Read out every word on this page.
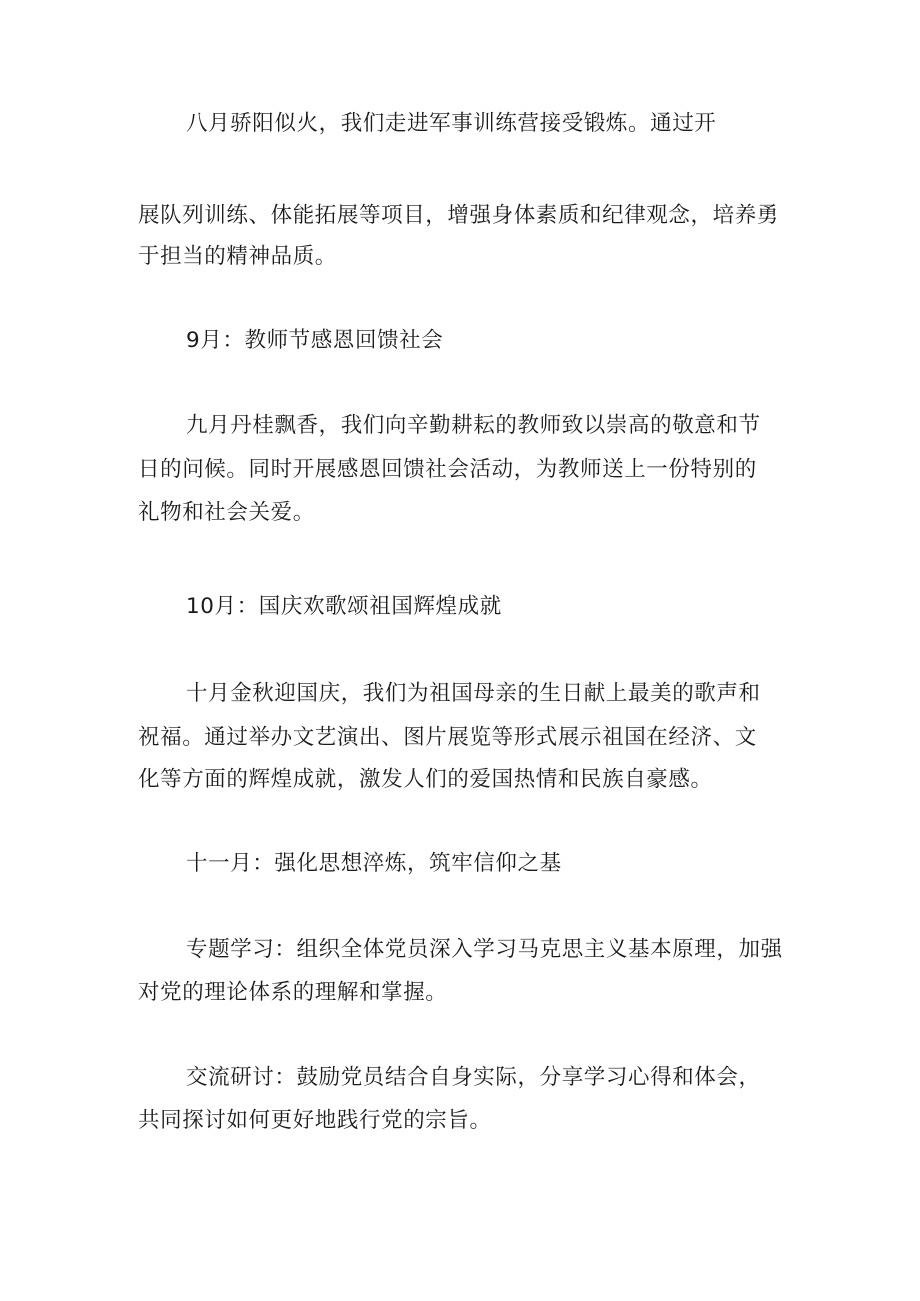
八月骄阳似火，我们走进军事训练营接受锻炼。通过开
展队列训练、体能拓展等项目，增强身体素质和纪律观念，培养勇
于担当的精神品质。
9月：教师节感恩回馈社会
九月丹桂飘香，我们向辛勤耕耘的教师致以崇高的敬意和节
日的问候。同时开展感恩回馈社会活动，为教师送上一份特别的
礼物和社会关爱。
10月：国庆欢歌颂祖国辉煌成就
十月金秋迎国庆，我们为祖国母亲的生日献上最美的歌声和
祝福。通过举办文艺演出、图片展览等形式展示祖国在经济、文
化等方面的辉煌成就，激发人们的爱国热情和民族自豪感。
十一月：强化思想淬炼，筑牢信仰之基
专题学习：组织全体党员深入学习马克思主义基本原理，加强
对党的理论体系的理解和掌握。
交流研讨：鼓励党员结合自身实际，分享学习心得和体会，
共同探讨如何更好地践行党的宗旨。
